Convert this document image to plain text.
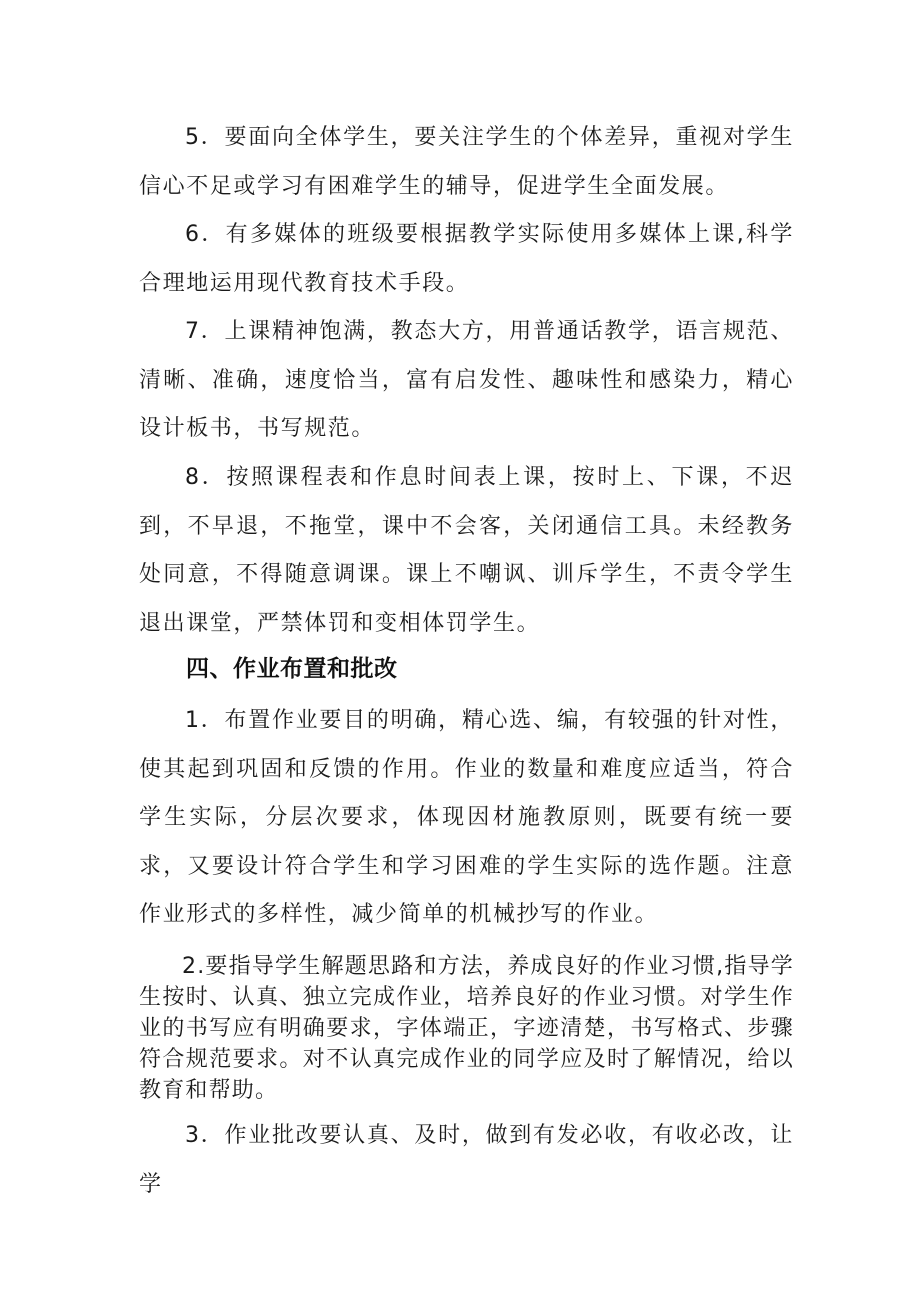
5．要面向全体学生，要关注学生的个体差异，重视对学生信心不足或学习有困难学生的辅导，促进学生全面发展。

6．有多媒体的班级要根据教学实际使用多媒体上课,科学合理地运用现代教育技术手段。

7．上课精神饱满，教态大方，用普通话教学，语言规范、清晰、准确，速度恰当，富有启发性、趣味性和感染力，精心设计板书，书写规范。

8．按照课程表和作息时间表上课，按时上、下课，不迟到，不早退，不拖堂，课中不会客，关闭通信工具。未经教务处同意，不得随意调课。课上不嘲讽、训斥学生，不责令学生退出课堂，严禁体罚和变相体罚学生。

四、作业布置和批改

1．布置作业要目的明确，精心选、编，有较强的针对性，使其起到巩固和反馈的作用。作业的数量和难度应适当，符合学生实际，分层次要求，体现因材施教原则，既要有统一要求，又要设计符合学生和学习困难的学生实际的选作题。注意作业形式的多样性，减少简单的机械抄写的作业。

2.要指导学生解题思路和方法，养成良好的作业习惯,指导学生按时、认真、独立完成作业，培养良好的作业习惯。对学生作业的书写应有明确要求，字体端正，字迹清楚，书写格式、步骤符合规范要求。对不认真完成作业的同学应及时了解情况，给以教育和帮助。

3．作业批改要认真、及时，做到有发必收，有收必改，让学
